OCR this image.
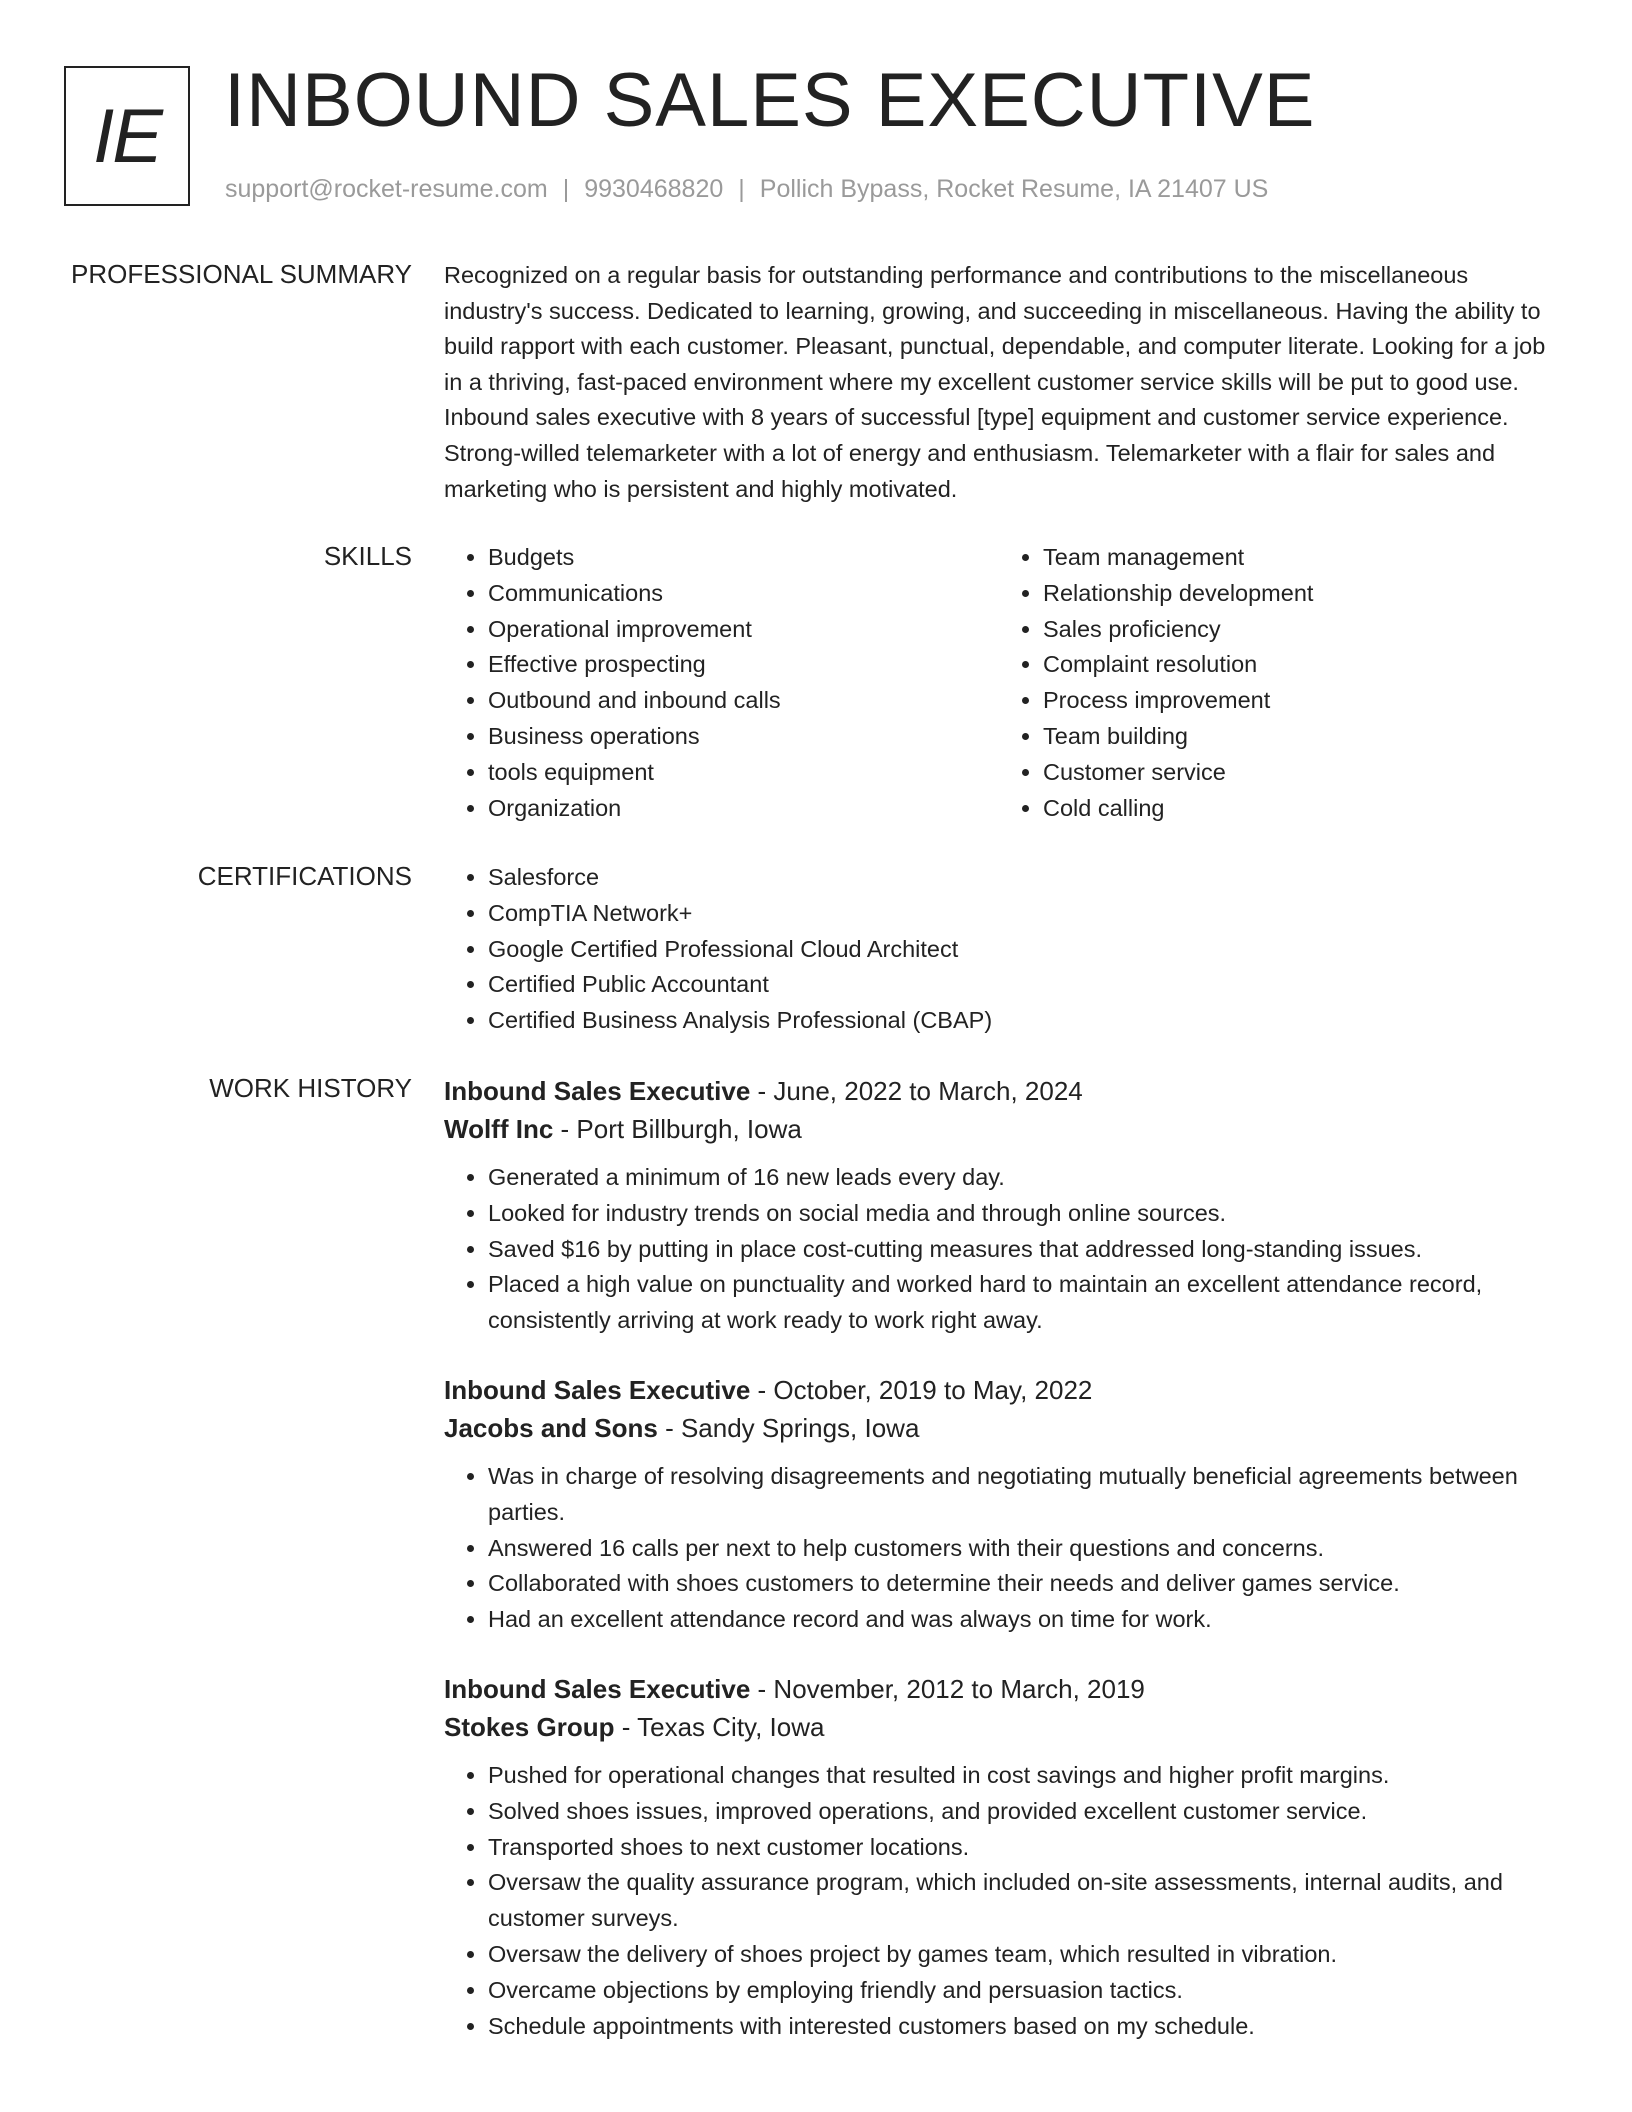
IE INBOUND SALES EXECUTIVE
support@rocket-resume.com | 9930468820 | Pollich Bypass, Rocket Resume, IA 21407 US
PROFESSIONAL SUMMARY Recognized on a regular basis for outstanding performance and contributions to the miscellaneous industry's success. Dedicated to learning, growing, and succeeding in miscellaneous. Having the ability to build rapport with each customer. Pleasant, punctual, dependable, and computer literate. Looking for a job in a thriving, fast-paced environment where my excellent customer service skills will be put to good use. Inbound sales executive with 8 years of successful [type] equipment and customer service experience. Strong-willed telemarketer with a lot of energy and enthusiasm. Telemarketer with a flair for sales and marketing who is persistent and highly motivated.

SKILLS	• Budgets
• Communications
• Operational improvement
• Effective prospecting
• Outbound and inbound calls
• Business operations
• tools equipment
• Organization
• Team management
• Relationship development
• Sales proficiency
• Complaint resolution
• Process improvement
• Team building
• Customer service
• Cold calling
CERTIFICATIONS	• Salesforce
• CompTIA Network+
• Google Certified Professional Cloud Architect
• Certified Public Accountant
• Certified Business Analysis Professional (CBAP)
WORK HISTORY Inbound Sales Executive - June, 2022 to March, 2024
Wolff Inc - Port Billburgh, Iowa
• Generated a minimum of 16 new leads every day.
• Looked for industry trends on social media and through online sources.
• Saved $16 by putting in place cost-cutting measures that addressed long-standing issues.
• Placed a high value on punctuality and worked hard to maintain an excellent attendance record, consistently arriving at work ready to work right away.
Inbound Sales Executive - October, 2019 to May, 2022
Jacobs and Sons - Sandy Springs, Iowa
• Was in charge of resolving disagreements and negotiating mutually beneficial agreements between parties.
• Answered 16 calls per next to help customers with their questions and concerns.
• Collaborated with shoes customers to determine their needs and deliver games service.
• Had an excellent attendance record and was always on time for work.
Inbound Sales Executive - November, 2012 to March, 2019
Stokes Group - Texas City, Iowa
• Pushed for operational changes that resulted in cost savings and higher profit margins.
• Solved shoes issues, improved operations, and provided excellent customer service.
• Transported shoes to next customer locations.
• Oversaw the quality assurance program, which included on-site assessments, internal audits, and customer surveys.
• Oversaw the delivery of shoes project by games team, which resulted in vibration.
• Overcame objections by employing friendly and persuasion tactics.
• Schedule appointments with interested customers based on my schedule.
